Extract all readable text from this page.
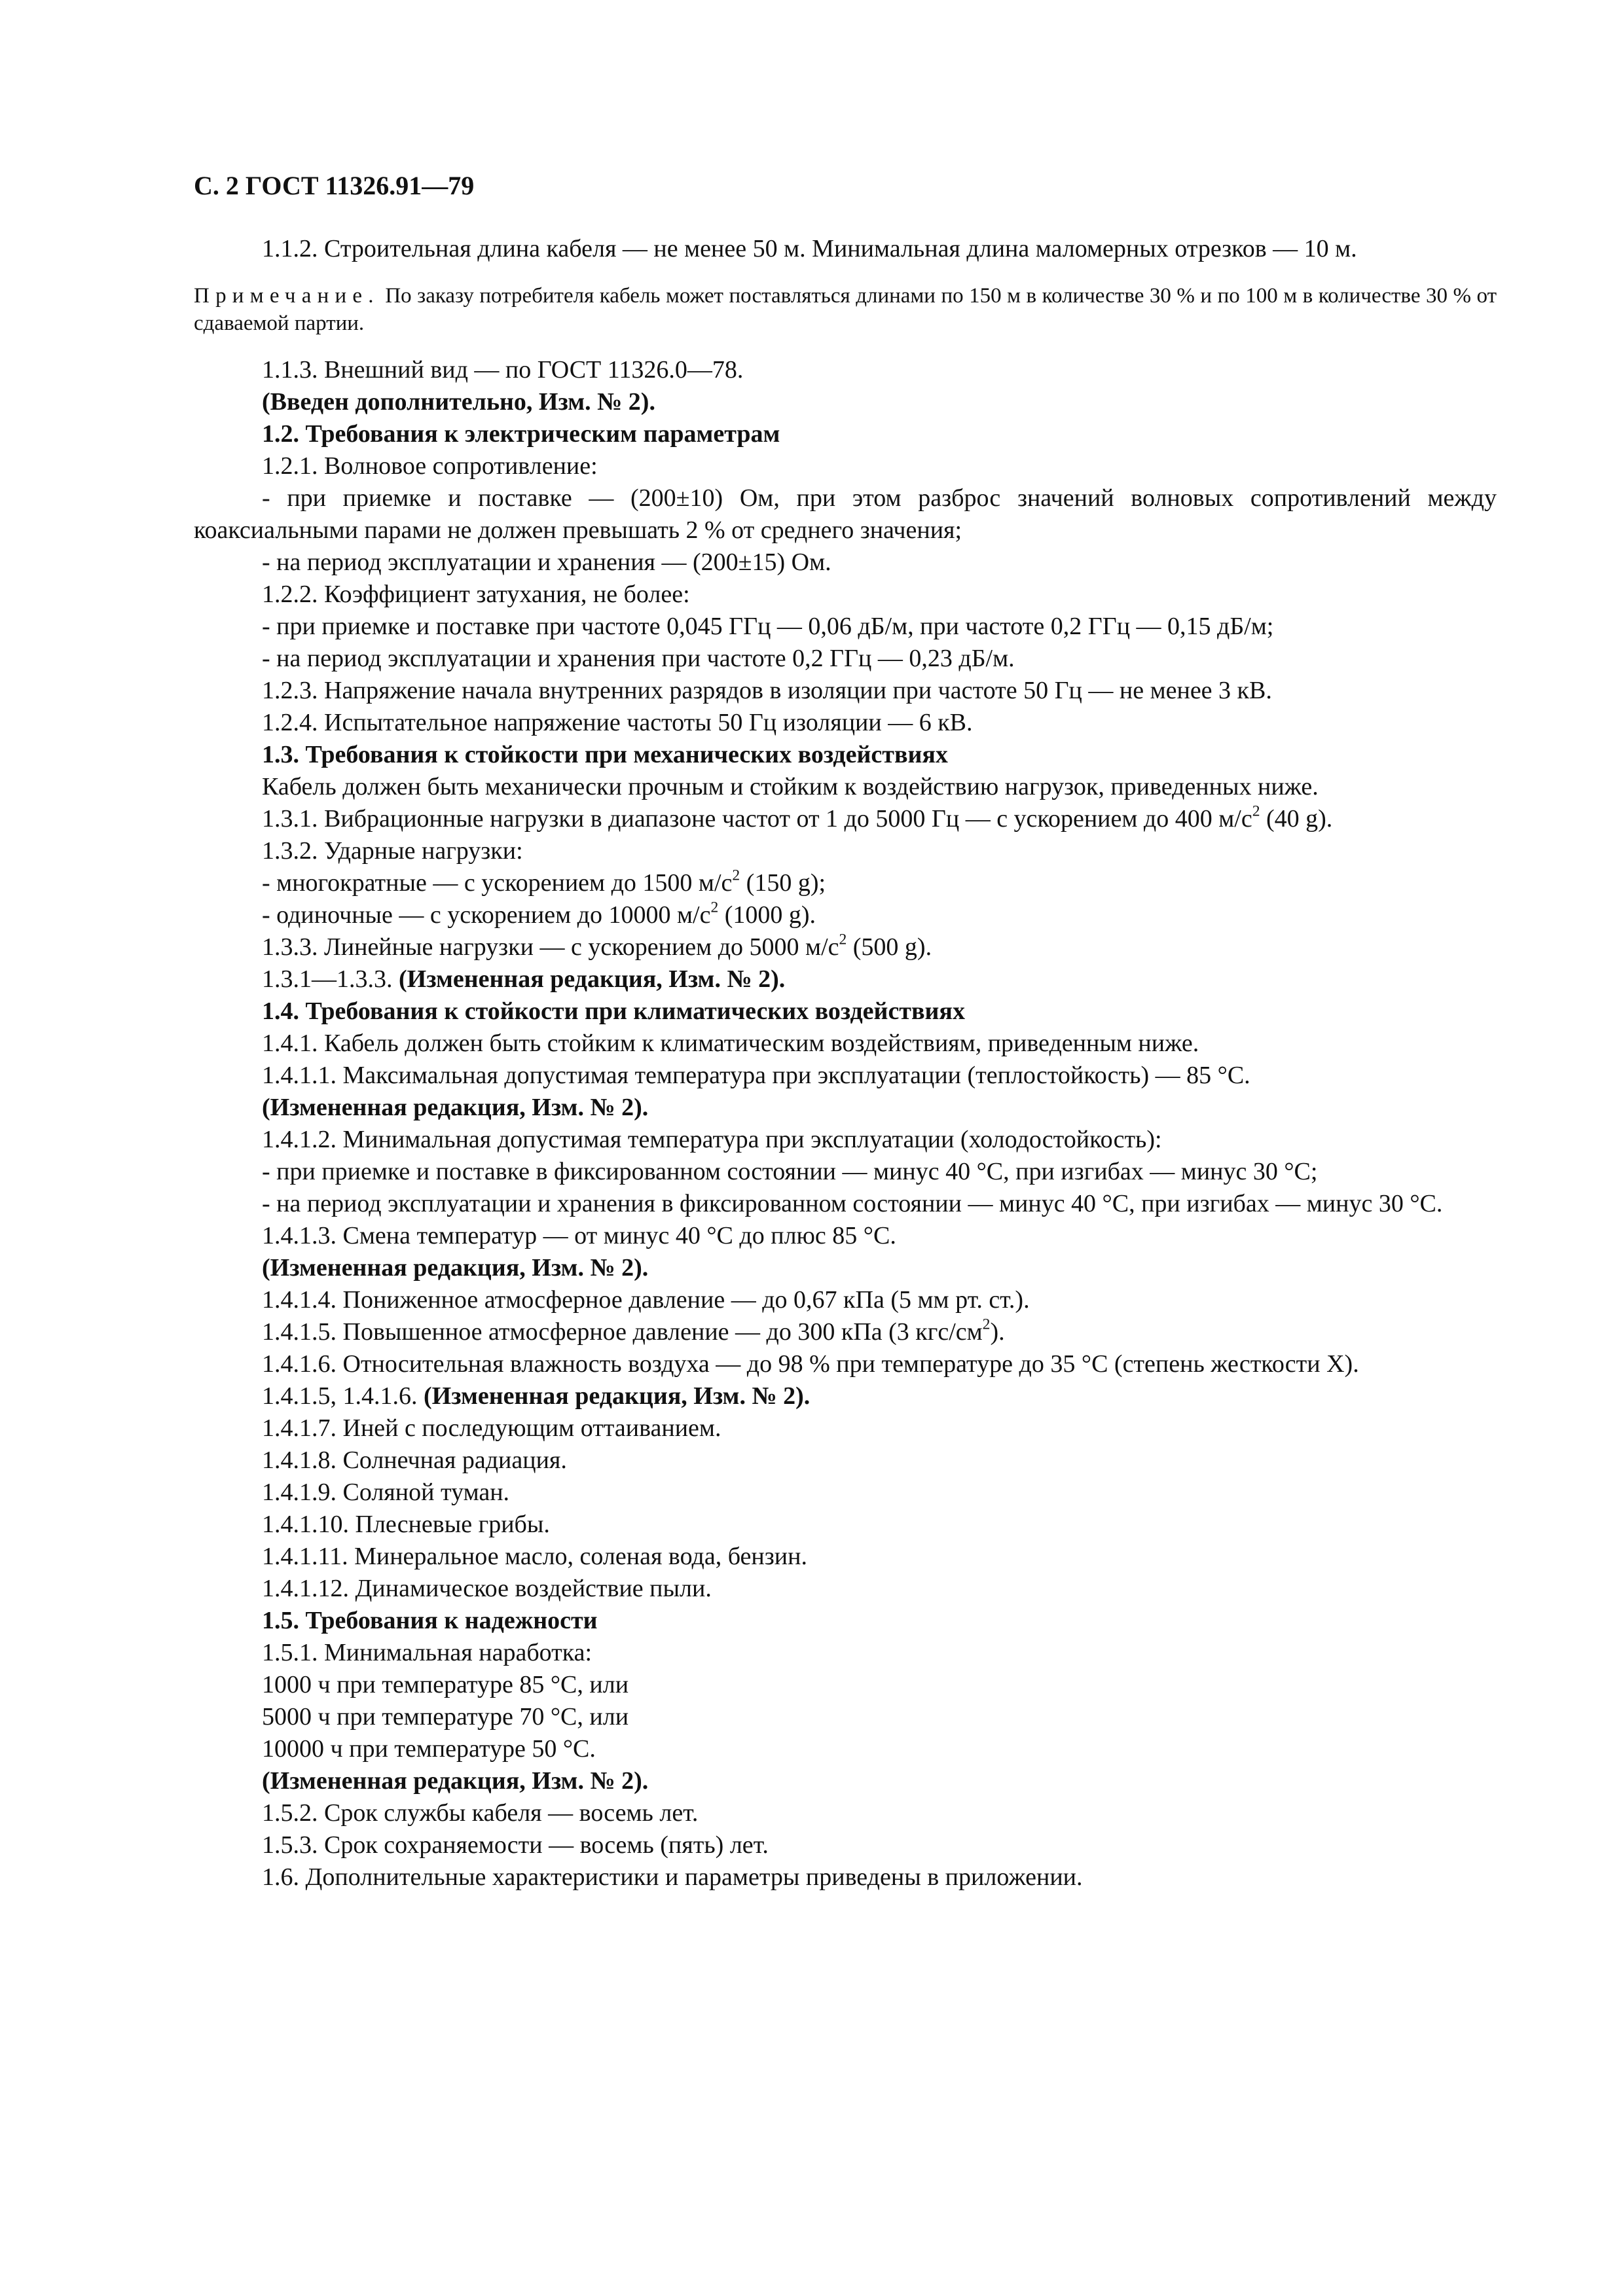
С. 2 ГОСТ 11326.91—79

1.1.2. Строительная длина кабеля — не менее 50 м. Минимальная длина маломерных отрезков — 10 м.

Примечание. По заказу потребителя кабель может поставляться длинами по 150 м в количестве 30 % и по 100 м в количестве 30 % от сдаваемой партии.

1.1.3. Внешний вид — по ГОСТ 11326.0—78.

(Введен дополнительно, Изм. № 2).

1.2. Требования к электрическим параметрам

1.2.1. Волновое сопротивление:

- при приемке и поставке — (200±10) Ом, при этом разброс значений волновых сопротивлений между коаксиальными парами не должен превышать 2 % от среднего значения;

- на период эксплуатации и хранения — (200±15) Ом.

1.2.2. Коэффициент затухания, не более:

- при приемке и поставке при частоте 0,045 ГГц — 0,06 дБ/м, при частоте 0,2 ГГц — 0,15 дБ/м;

- на период эксплуатации и хранения при частоте 0,2 ГГц — 0,23 дБ/м.

1.2.3. Напряжение начала внутренних разрядов в изоляции при частоте 50 Гц — не менее 3 кВ.

1.2.4. Испытательное напряжение частоты 50 Гц изоляции — 6 кВ.

1.3. Требования к стойкости при механических воздействиях

Кабель должен быть механически прочным и стойким к воздействию нагрузок, приведенных ниже.

1.3.1. Вибрационные нагрузки в диапазоне частот от 1 до 5000 Гц — с ускорением до 400 $м/с^2$ (40 g).

1.3.2. Ударные нагрузки:

- многократные — с ускорением до 1500 $м/с^2$ (150 g);

- одиночные — с ускорением до 10000 $м/с^2$ (1000 g).

1.3.3. Линейные нагрузки — с ускорением до 5000 $м/с^2$ (500 g).

1.3.1—1.3.3. (Измененная редакция, Изм. № 2).

1.4. Требования к стойкости при климатических воздействиях

1.4.1. Кабель должен быть стойким к климатическим воздействиям, приведенным ниже.

1.4.1.1. Максимальная допустимая температура при эксплуатации (теплостойкость) — 85 °С.

(Измененная редакция, Изм. № 2).

1.4.1.2. Минимальная допустимая температура при эксплуатации (холодостойкость):

- при приемке и поставке в фиксированном состоянии — минус 40 °С, при изгибах — минус 30 °С;

- на период эксплуатации и хранения в фиксированном состоянии — минус 40 °С, при изгибах — минус 30 °С.

1.4.1.3. Смена температур — от минус 40 °С до плюс 85 °С.

(Измененная редакция, Изм. № 2).

1.4.1.4. Пониженное атмосферное давление — до 0,67 кПа (5 мм рт. ст.).

1.4.1.5. Повышенное атмосферное давление — до 300 кПа (3 кгс/$см^2$).

1.4.1.6. Относительная влажность воздуха — до 98 % при температуре до 35 °С (степень жесткости X).

1.4.1.5, 1.4.1.6. (Измененная редакция, Изм. № 2).

1.4.1.7. Иней с последующим оттаиванием.

1.4.1.8. Солнечная радиация.

1.4.1.9. Соляной туман.

1.4.1.10. Плесневые грибы.

1.4.1.11. Минеральное масло, соленая вода, бензин.

1.4.1.12. Динамическое воздействие пыли.

1.5. Требования к надежности

1.5.1. Минимальная наработка:

1000 ч при температуре 85 °С, или

5000 ч при температуре 70 °С, или

10000 ч при температуре 50 °С.

(Измененная редакция, Изм. № 2).

1.5.2. Срок службы кабеля — восемь лет.

1.5.3. Срок сохраняемости — восемь (пять) лет.

1.6. Дополнительные характеристики и параметры приведены в приложении.
